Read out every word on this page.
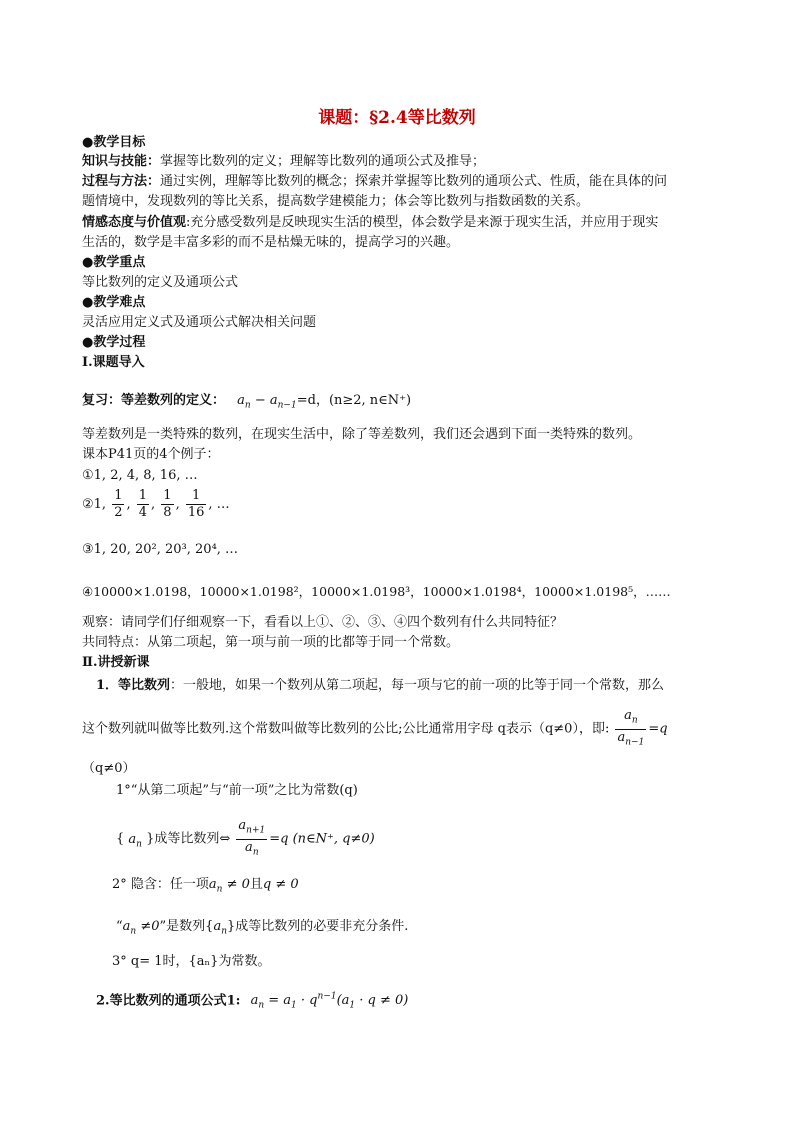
课题：§2.4等比数列
●教学目标
知识与技能：掌握等比数列的定义；理解等比数列的通项公式及推导；
过程与方法：通过实例，理解等比数列的概念；探索并掌握等比数列的通项公式、性质，能在具体的问
题情境中，发现数列的等比关系，提高数学建模能力；体会等比数列与指数函数的关系。
情感态度与价值观:充分感受数列是反映现实生活的模型，体会数学是来源于现实生活，并应用于现实
生活的，数学是丰富多彩的而不是枯燥无味的，提高学习的兴趣。
●教学重点
等比数列的定义及通项公式
●教学难点
灵活应用定义式及通项公式解决相关问题
●教学过程
Ⅰ.课题导入
复习：等差数列的定义： $a_n - a_{n-1}=d$，(n≥2, n∈N⁺)
等差数列是一类特殊的数列，在现实生活中，除了等差数列，我们还会遇到下面一类特殊的数列。
课本P41页的4个例子：
①1, 2, 4, 8, 16, …
②1, $\frac{1}{2}$ , $\frac{1}{4}$ , $\frac{1}{8}$ , $\frac{1}{16}$ , …
③1, 20, 20², 20³, 20⁴, …
④10000×1.0198，10000×1.0198²，10000×1.0198³，10000×1.0198⁴，10000×1.0198⁵，……
观察：请同学们仔细观察一下，看看以上①、②、③、④四个数列有什么共同特征？
共同特点：从第二项起，第一项与前一项的比都等于同一个常数。
Ⅱ.讲授新课
1．等比数列：一般地，如果一个数列从第二项起，每一项与它的前一项的比等于同一个常数，那么
这个数列就叫做等比数列.这个常数叫做等比数列的公比;公比通常用字母 q表示（q≠0），即: $\frac{a_n}{a_{n-1}} =q$
（q≠0）
1°“从第二项起”与“前一项”之比为常数(q)
{ $a_n$ }成等比数列⇔ $\frac{a_{n+1}}{a_n} =q$ (n∈N⁺, q≠0)
2° 隐含：任一项$a_n \ne 0$且q ≠ 0
“$a_n \ne 0$”是数列$\{a_n\}$成等比数列的必要非充分条件.
3° q= 1时，{aₙ}为常数。
2.等比数列的通项公式1: $a_n = a_1 \cdot q^{n-1}(a_1 \cdot q \ne 0)$
